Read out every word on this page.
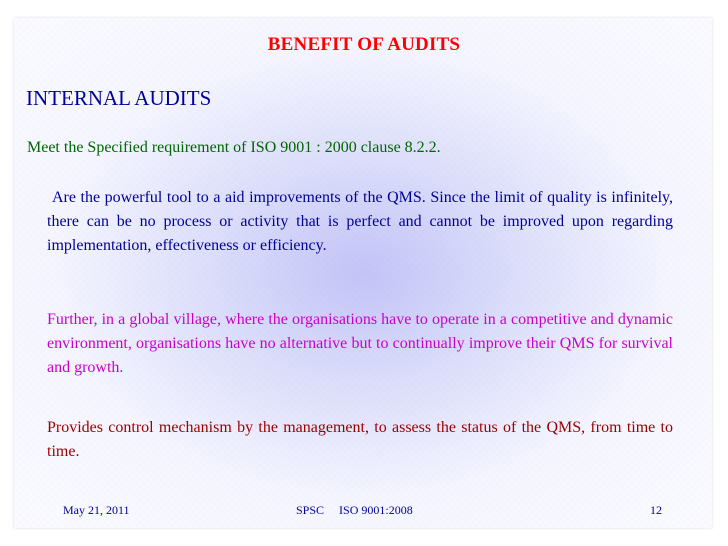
BENEFIT OF AUDITS
INTERNAL AUDITS

Meet the Specified requirement of ISO 9001 : 2000 clause 8.2.2.

Are the powerful tool to a aid improvements of the QMS. Since the limit of quality is infinitely, there can be no process or activity that is perfect and cannot be improved upon regarding implementation, effectiveness or efficiency.

Further, in a global village, where the organisations have to operate in a competitive and dynamic environment, organisations have no alternative but to continually improve their QMS for survival and growth.

Provides control mechanism by the management, to assess the status of the QMS, from time to time.

May 21, 2011	SPSC     ISO 9001:2008	12
